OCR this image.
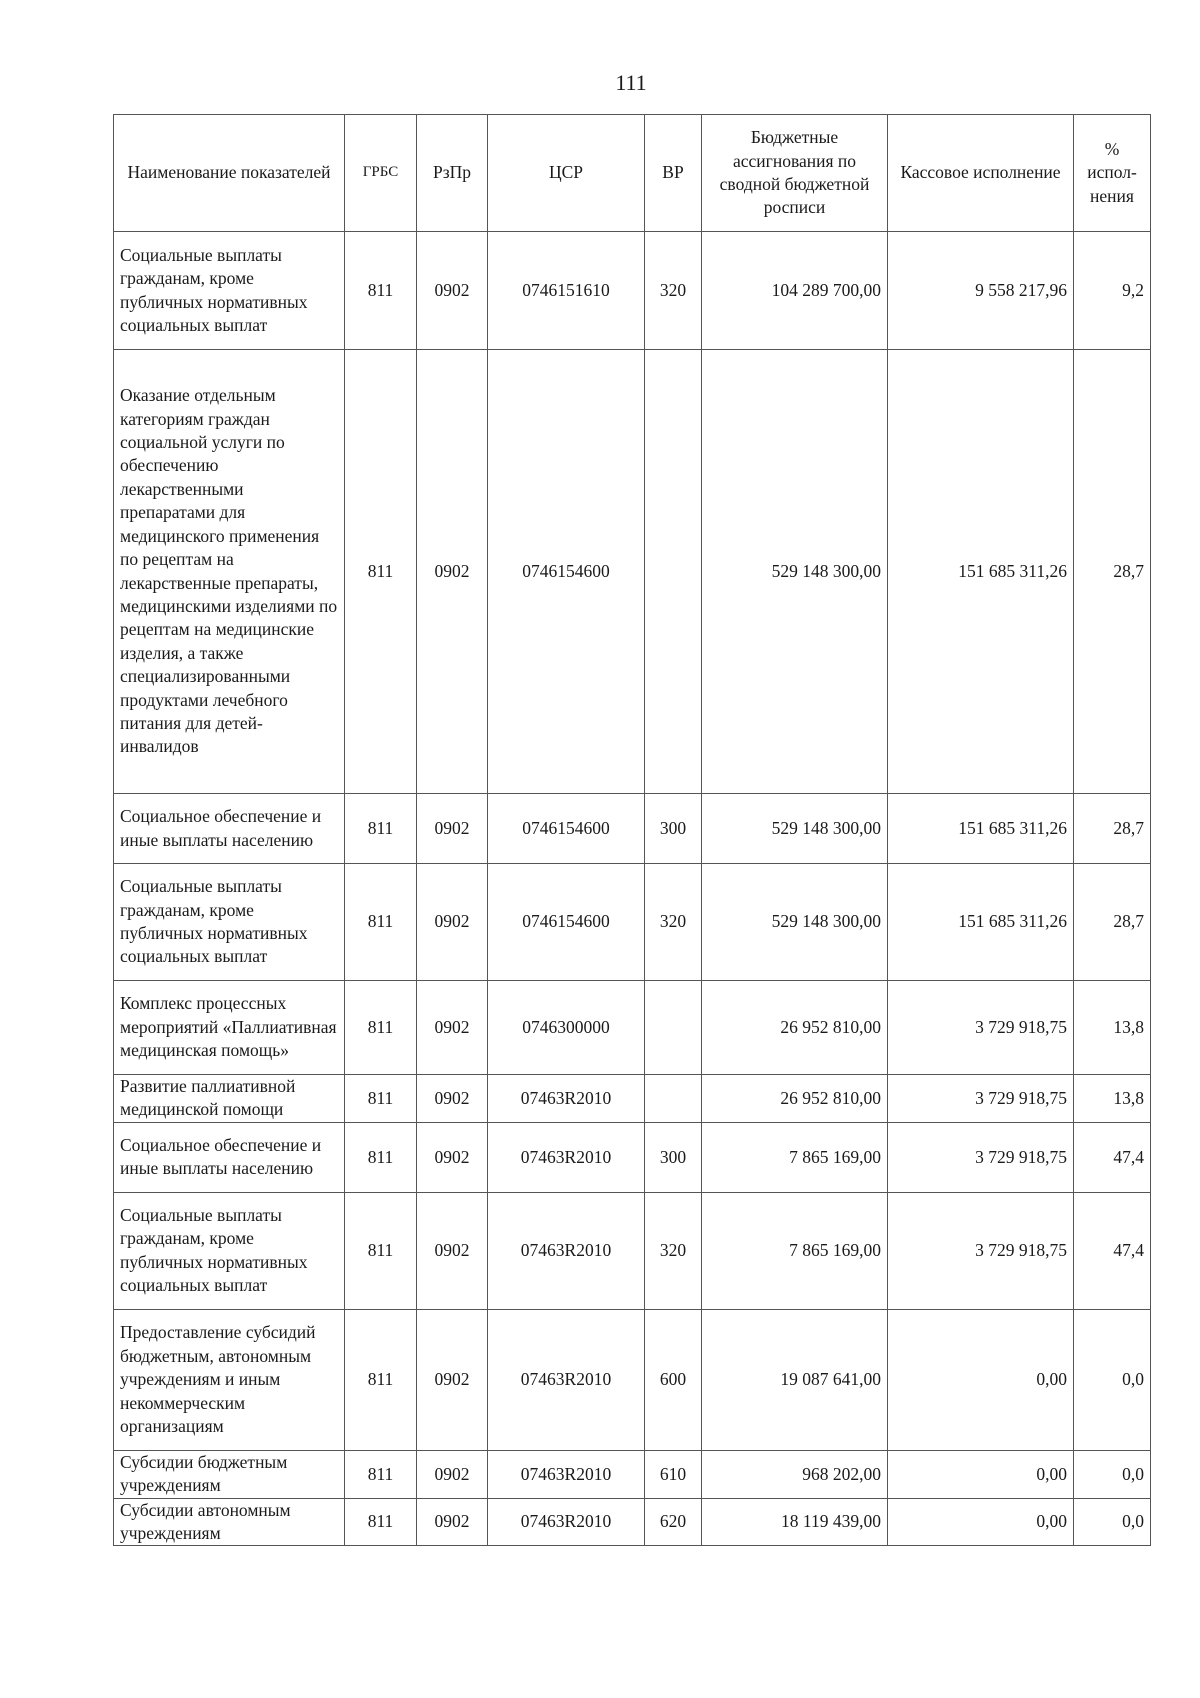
111
Наименование показателей	ГРБС	РзПр	ЦСР	ВР	Бюджетные ассигнования по сводной бюджетной росписи	Кассовое исполнение	% испол-нения
Социальные выплаты гражданам, кроме публичных нормативных социальных выплат	811	0902	0746151610	320	104 289 700,00	9 558 217,96	9,2
Оказание отдельным категориям граждан социальной услуги по обеспечению лекарственными препаратами для медицинского применения по рецептам на лекарственные препараты, медицинскими изделиями по рецептам на медицинские изделия, а также специализированными продуктами лечебного питания для детей-инвалидов	811	0902	0746154600		529 148 300,00	151 685 311,26	28,7
Социальное обеспечение и иные выплаты населению	811	0902	0746154600	300	529 148 300,00	151 685 311,26	28,7
Социальные выплаты гражданам, кроме публичных нормативных социальных выплат	811	0902	0746154600	320	529 148 300,00	151 685 311,26	28,7
Комплекс процессных мероприятий «Паллиативная медицинская помощь»	811	0902	0746300000		26 952 810,00	3 729 918,75	13,8
Развитие паллиативной медицинской помощи	811	0902	07463R2010		26 952 810,00	3 729 918,75	13,8
Социальное обеспечение и иные выплаты населению	811	0902	07463R2010	300	7 865 169,00	3 729 918,75	47,4
Социальные выплаты гражданам, кроме публичных нормативных социальных выплат	811	0902	07463R2010	320	7 865 169,00	3 729 918,75	47,4
Предоставление субсидий бюджетным, автономным учреждениям и иным некоммерческим организациям	811	0902	07463R2010	600	19 087 641,00	0,00	0,0
Субсидии бюджетным учреждениям	811	0902	07463R2010	610	968 202,00	0,00	0,0
Субсидии автономным учреждениям	811	0902	07463R2010	620	18 119 439,00	0,00	0,0
